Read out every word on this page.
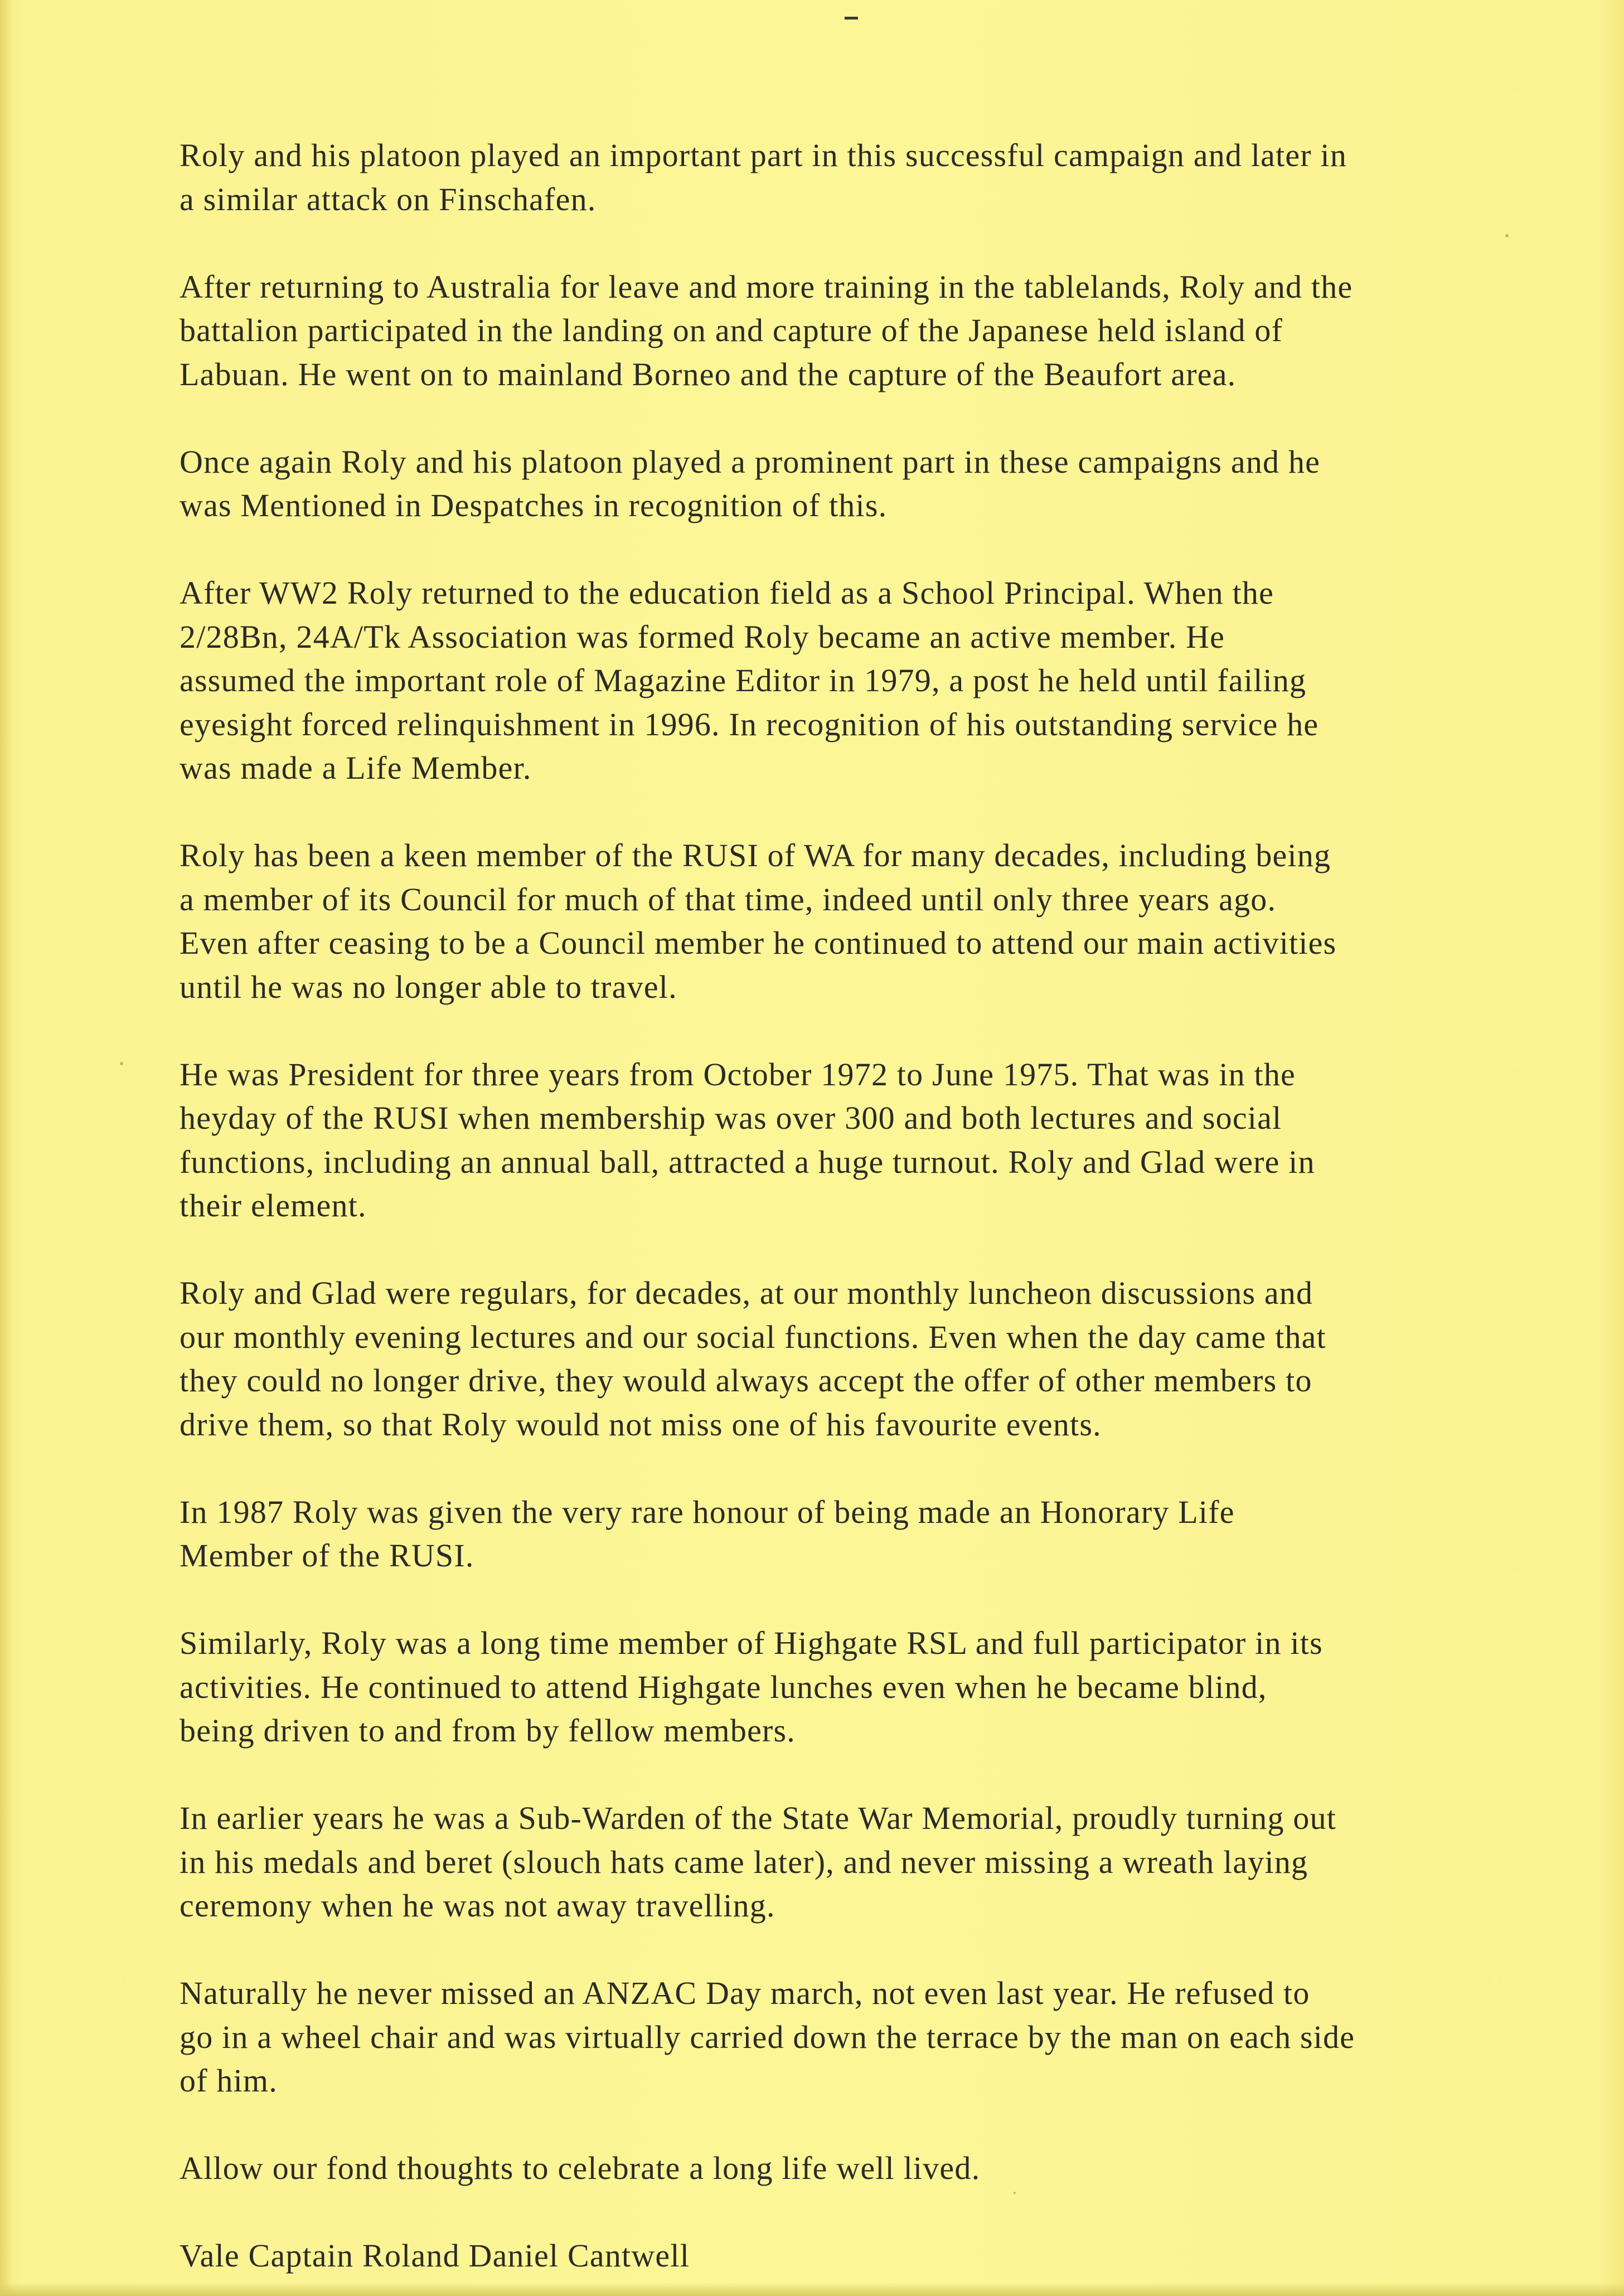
Roly and his platoon played an important part in this successful campaign and later in
a similar attack on Finschafen.

After returning to Australia for leave and more training in the tablelands, Roly and the
battalion participated in the landing on and capture of the Japanese held island of
Labuan. He went on to mainland Borneo and the capture of the Beaufort area.

Once again Roly and his platoon played a prominent part in these campaigns and he
was Mentioned in Despatches in recognition of this.

After WW2 Roly returned to the education field as a School Principal. When the
2/28Bn, 24A/Tk Association was formed Roly became an active member. He
assumed the important role of Magazine Editor in 1979, a post he held until failing
eyesight forced relinquishment in 1996. In recognition of his outstanding service he
was made a Life Member.

Roly has been a keen member of the RUSI of WA for many decades, including being
a member of its Council for much of that time, indeed until only three years ago.
Even after ceasing to be a Council member he continued to attend our main activities
until he was no longer able to travel.

He was President for three years from October 1972 to June 1975. That was in the
heyday of the RUSI when membership was over 300 and both lectures and social
functions, including an annual ball, attracted a huge turnout. Roly and Glad were in
their element.

Roly and Glad were regulars, for decades, at our monthly luncheon discussions and
our monthly evening lectures and our social functions. Even when the day came that
they could no longer drive, they would always accept the offer of other members to
drive them, so that Roly would not miss one of his favourite events.

In 1987 Roly was given the very rare honour of being made an Honorary Life
Member of the RUSI.

Similarly, Roly was a long time member of Highgate RSL and full participator in its
activities. He continued to attend Highgate lunches even when he became blind,
being driven to and from by fellow members.

In earlier years he was a Sub-Warden of the State War Memorial, proudly turning out
in his medals and beret (slouch hats came later), and never missing a wreath laying
ceremony when he was not away travelling.

Naturally he never missed an ANZAC Day march, not even last year. He refused to
go in a wheel chair and was virtually carried down the terrace by the man on each side
of him.

Allow our fond thoughts to celebrate a long life well lived.

Vale Captain Roland Daniel Cantwell
